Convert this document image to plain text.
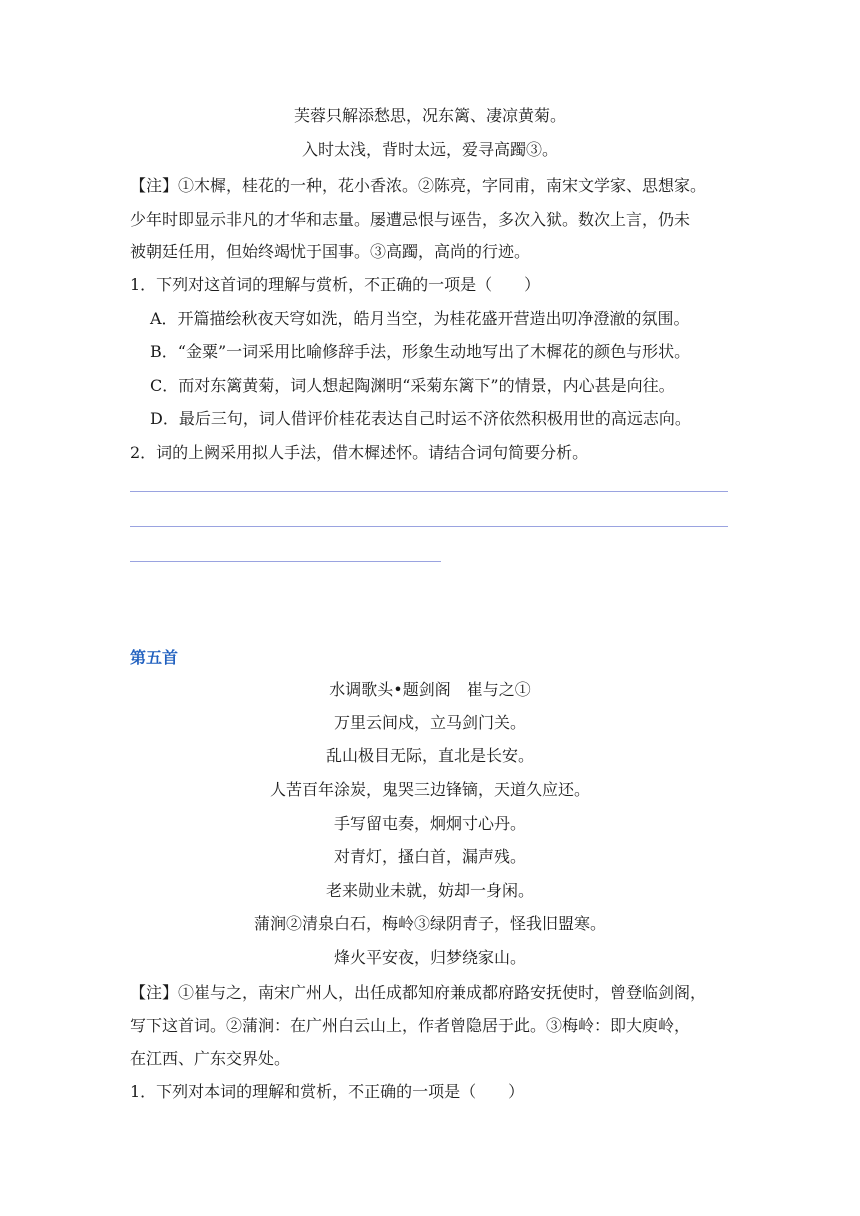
芙蓉只解添愁思，况东篱、凄凉黄菊。
入时太浅，背时太远，爱寻高躅③。
【注】①木樨，桂花的一种，花小香浓。②陈亮，字同甫，南宋文学家、思想家。
少年时即显示非凡的才华和志量。屡遭忌恨与诬告，多次入狱。数次上言，仍未
被朝廷任用，但始终竭忧于国事。③高躅，高尚的行迹。
1．下列对这首词的理解与赏析，不正确的一项是（　　）
A．开篇描绘秋夜天穹如洗，皓月当空，为桂花盛开营造出叨净澄澈的氛围。
B．“金粟”一词采用比喻修辞手法，形象生动地写出了木樨花的颜色与形状。
C．而对东篱黄菊，词人想起陶渊明“采菊东篱下”的情景，内心甚是向往。
D．最后三句，词人借评价桂花表达自己时运不济依然积极用世的高远志向。
2．词的上阙采用拟人手法，借木樨述怀。请结合词句简要分析。
第五首
水调歌头•题剑阁　崔与之①
万里云间戍，立马剑门关。
乱山极目无际，直北是长安。
人苦百年涂炭，鬼哭三边锋镝，天道久应还。
手写留屯奏，炯炯寸心丹。
对青灯，搔白首，漏声残。
老来勋业未就，妨却一身闲。
蒲涧②清泉白石，梅岭③绿阴青子，怪我旧盟寒。
烽火平安夜，归梦绕家山。
【注】①崔与之，南宋广州人，出任成都知府兼成都府路安抚使时，曾登临剑阁，
写下这首词。②蒲涧：在广州白云山上，作者曾隐居于此。③梅岭：即大庾岭，
在江西、广东交界处。
1．下列对本词的理解和赏析，不正确的一项是（　　）
